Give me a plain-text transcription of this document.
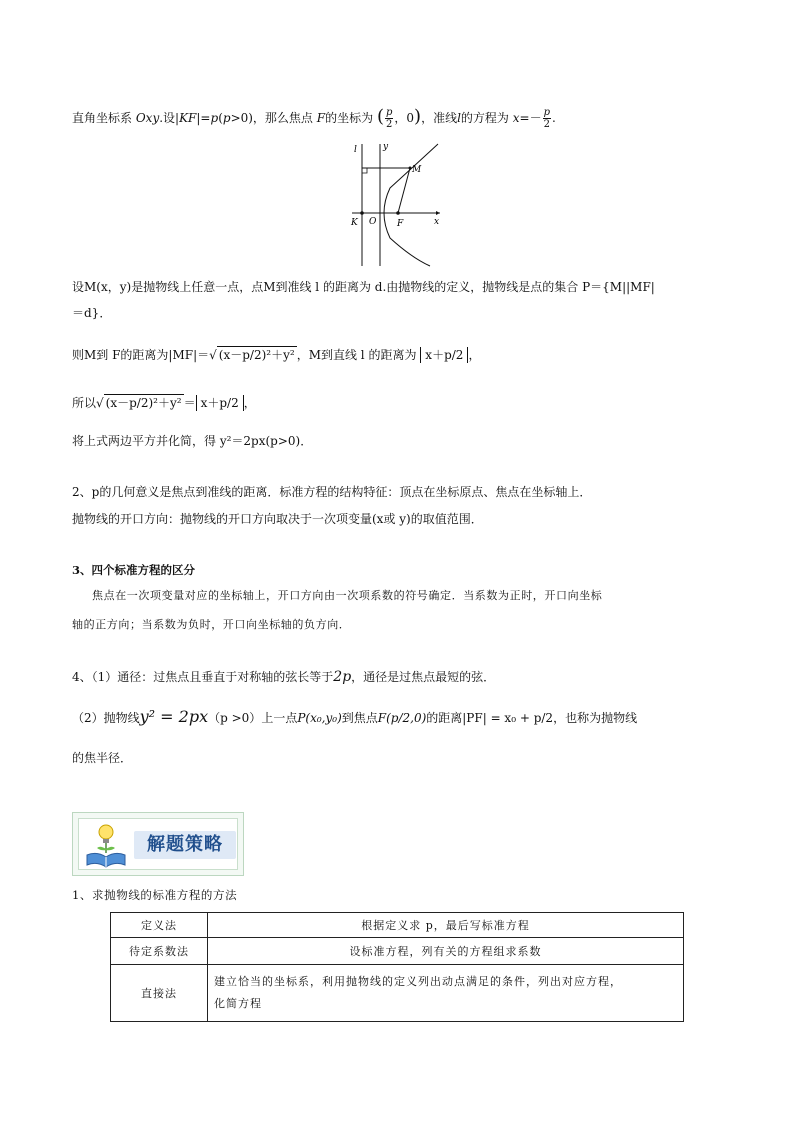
直角坐标系 Oxy.设|KF|=p(p>0)，那么焦点 F的坐标为 ( $\frac{p}{2}$ ，0)，准线l的方程为 $x=- \frac{p}{2}$ .
l	y
M
K O F	x
设M(x，y)是抛物线上任意一点，点M到准线 l 的距离为 d.由抛物线的定义，抛物线是点的集合 P＝{M||MF|
＝d}．
则M到 F的距离为|MF|＝√ (x－p/2)²＋y² ，M到直线 l 的距离为 x＋p/2 ，
所以√ (x－p/2)²＋y² ＝ x＋p/2 ，
将上式两边平方并化简，得 y²＝2px(p>0)．
2、p的几何意义是焦点到准线的距离．标准方程的结构特征：顶点在坐标原点、焦点在坐标轴上．
抛物线的开口方向：抛物线的开口方向取决于一次项变量(x或 y)的取值范围．
3、四个标准方程的区分
焦点在一次项变量对应的坐标轴上，开口方向由一次项系数的符号确定．当系数为正时，开口向坐标
轴的正方向；当系数为负时，开口向坐标轴的负方向．
4、（1）通径：过焦点且垂直于对称轴的弦长等于2p，通径是过焦点最短的弦．
（2）抛物线y² = 2px（p >0）上一点P(x₀,y₀)到焦点F(p/2,0)的距离|PF| = x₀ + p/2，也称为抛物线
的焦半径．
解题策略
1、求抛物线的标准方程的方法
定义法	根据定义求 p，最后写标准方程
待定系数法	设标准方程，列有关的方程组求系数
直接法	建立恰当的坐标系，利用抛物线的定义列出动点满足的条件，列出对应方程，
化简方程
